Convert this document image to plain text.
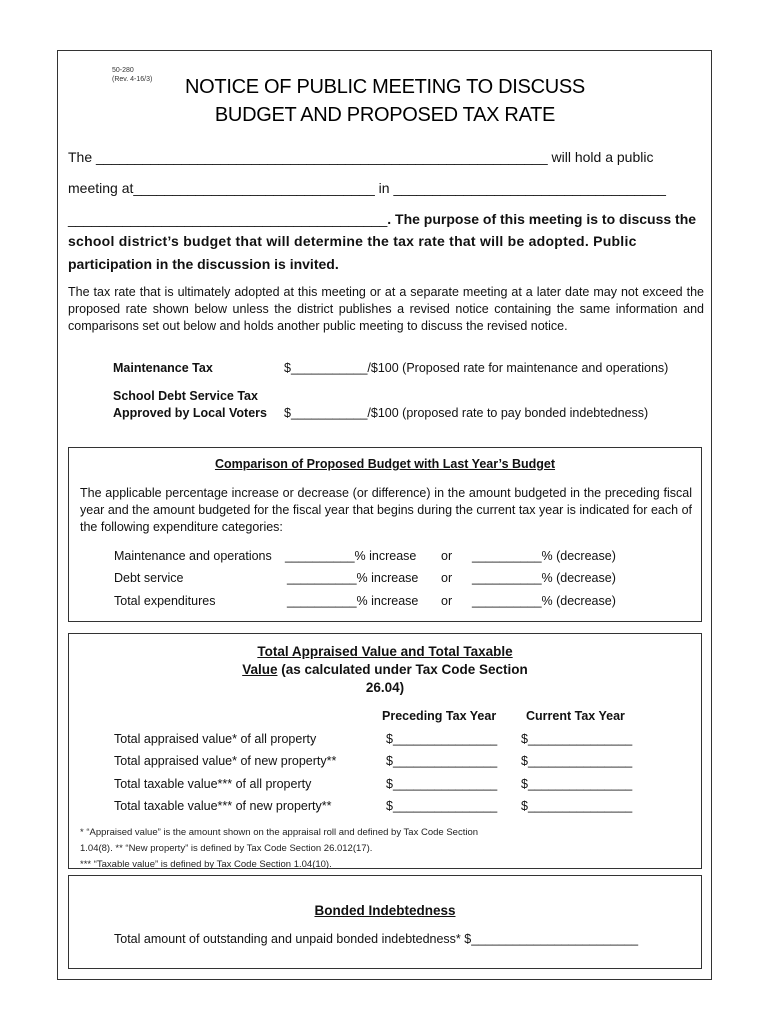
50-280
(Rev. 4-16/3)	NOTICE OF PUBLIC MEETING TO DISCUSS
BUDGET AND PROPOSED TAX RATE
The __________________________________________________________ will hold a public
meeting at_______________________________ in ___________________________________
_________________________________________. The purpose of this meeting is to discuss the
school district’s budget that will determine the tax rate that will be adopted. Public
participation in the discussion is invited.
The tax rate that is ultimately adopted at this meeting or at a separate meeting at a later date may not exceed the proposed rate shown below unless the district publishes a revised notice containing the same information and comparisons set out below and holds another public meeting to discuss the revised notice.
Maintenance Tax	$___________/$100 (Proposed rate for maintenance and operations)
School Debt Service Tax
Approved by Local Voters $___________/$100 (proposed rate to pay bonded indebtedness)
Comparison of Proposed Budget with Last Year’s Budget
The applicable percentage increase or decrease (or difference) in the amount budgeted in the preceding fiscal year and the amount budgeted for the fiscal year that begins during the current tax year is indicated for each of the following expenditure categories:
Maintenance and operations __________% increase or __________% (decrease)
Debt service	__________% increase or __________% (decrease)
Total expenditures	__________% increase or __________% (decrease)
Total Appraised Value and Total Taxable
Value (as calculated under Tax Code Section
26.04)
Preceding Tax Year Current Tax Year
Total appraised value* of all property	$_______________ $_______________
Total appraised value* of new property**	$_______________ $_______________
Total taxable value*** of all property	$_______________ $_______________
Total taxable value*** of new property**	$_______________ $_______________
* “Appraised value” is the amount shown on the appraisal roll and defined by Tax Code Section
1.04(8). ** “New property” is defined by Tax Code Section 26.012(17).
*** “Taxable value” is defined by Tax Code Section 1.04(10).
Bonded Indebtedness
Total amount of outstanding and unpaid bonded indebtedness* $________________________
